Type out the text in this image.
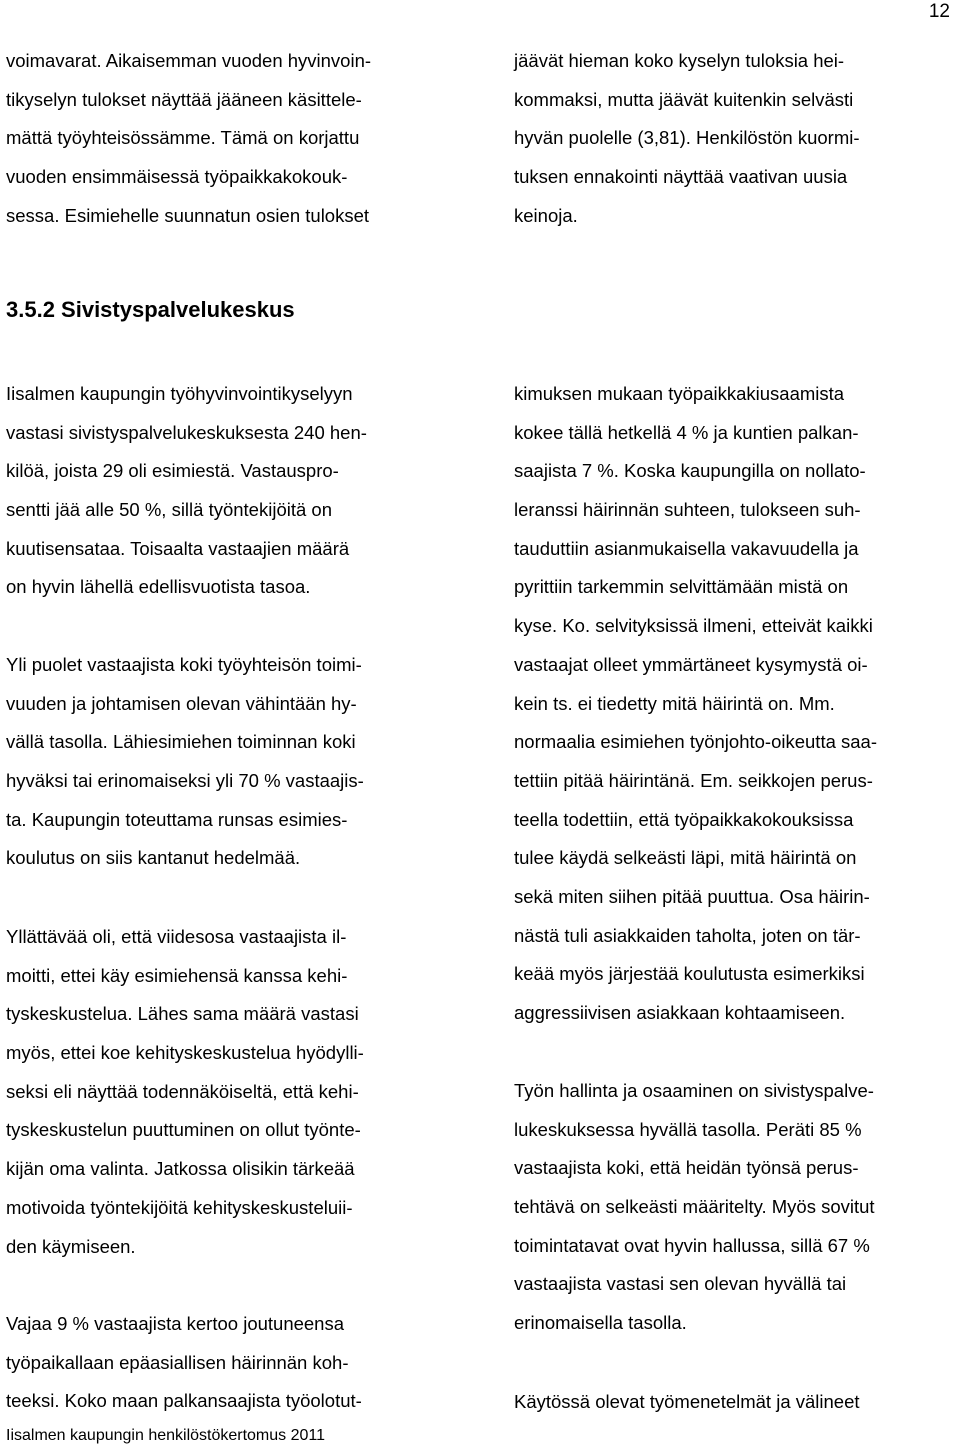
12
voimavarat. Aikaisemman vuoden hyvinvoin-
tikyselyn tulokset näyttää jääneen käsittele-
mättä työyhteisössämme. Tämä on korjattu
vuoden ensimmäisessä työpaikkakokouk-
sessa. Esimiehelle suunnatun osien tulokset
Iisalmen kaupungin työhyvinvointikyselyyn
vastasi sivistyspalvelukeskuksesta 240 hen-
kilöä, joista 29 oli esimiestä. Vastauspro-
sentti jää alle 50 %, sillä työntekijöitä on
kuutisensataa. Toisaalta vastaajien määrä
on hyvin lähellä edellisvuotista tasoa.
Yli puolet vastaajista koki työyhteisön toimi-
vuuden ja johtamisen olevan vähintään hy-
vällä tasolla. Lähiesimiehen toiminnan koki
hyväksi tai erinomaiseksi yli 70 % vastaajis-
ta. Kaupungin toteuttama runsas esimies-
koulutus on siis kantanut hedelmää.
Yllättävää oli, että viidesosa vastaajista il-
moitti, ettei käy esimiehensä kanssa kehi-
tyskeskustelua. Lähes sama määrä vastasi
myös, ettei koe kehityskeskustelua hyödylli-
seksi eli näyttää todennäköiseltä, että kehi-
tyskeskustelun puuttuminen on ollut työnte-
kijän oma valinta. Jatkossa olisikin tärkeää
motivoida työntekijöitä kehityskeskusteluii-
den käymiseen.
Vajaa 9 % vastaajista kertoo joutuneensa
työpaikallaan epäasiallisen häirinnän koh-
teeksi. Koko maan palkansaajista työolotut-
3.5.2 Sivistyspalvelukeskus
jäävät hieman koko kyselyn tuloksia hei-
kommaksi, mutta jäävät kuitenkin selvästi
hyvän puolelle (3,81). Henkilöstön kuormi-
tuksen ennakointi näyttää vaativan uusia
keinoja.
kimuksen mukaan työpaikkakiusaamista
kokee tällä hetkellä 4 % ja kuntien palkan-
saajista 7 %. Koska kaupungilla on nollato-
leranssi häirinnän suhteen, tulokseen suh-
tauduttiin asianmukaisella vakavuudella ja
pyrittiin tarkemmin selvittämään mistä on
kyse. Ko. selvityksissä ilmeni, etteivät kaikki
vastaajat olleet ymmärtäneet kysymystä oi-
kein ts. ei tiedetty mitä häirintä on. Mm.
normaalia esimiehen työnjohto-oikeutta saa-
tettiin pitää häirintänä. Em. seikkojen perus-
teella todettiin, että työpaikkakokouksissa
tulee käydä selkeästi läpi, mitä häirintä on
sekä miten siihen pitää puuttua. Osa häirin-
nästä tuli asiakkaiden taholta, joten on tär-
keää myös järjestää koulutusta esimerkiksi
aggressiivisen asiakkaan kohtaamiseen.
Työn hallinta ja osaaminen on sivistyspalve-
lukeskuksessa hyvällä tasolla. Peräti 85 %
vastaajista koki, että heidän työnsä perus-
tehtävä on selkeästi määritelty. Myös sovitut
toimintatavat ovat hyvin hallussa, sillä 67 %
vastaajista vastasi sen olevan hyvällä tai
erinomaisella tasolla.
Käytössä olevat työmenetelmät ja välineet
Iisalmen kaupungin henkilöstökertomus 2011
